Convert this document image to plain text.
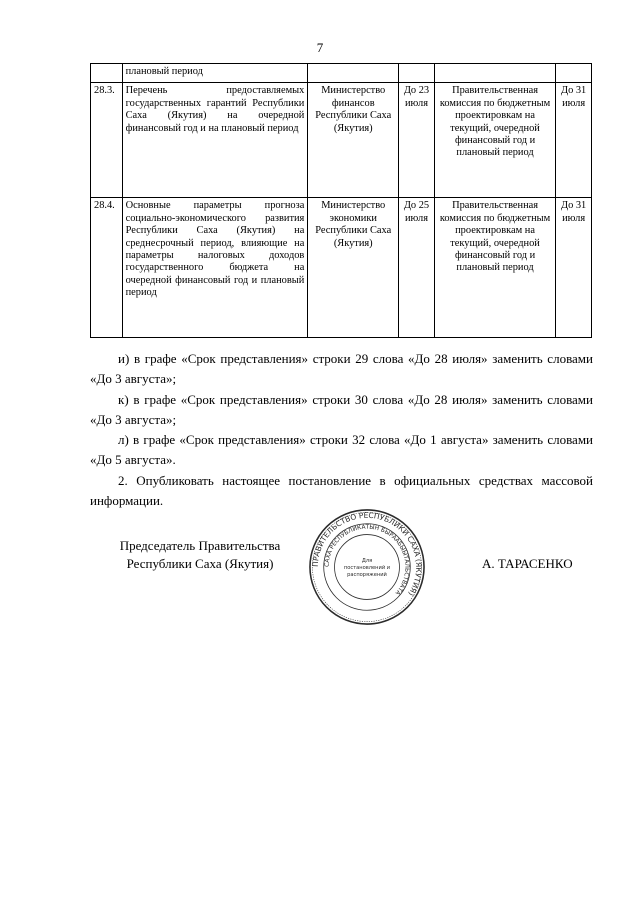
7
	плановый период				
28.3.	Перечень предоставляемых государственных гарантий Республики Саха (Якутия) на очередной финансовый год и на плановый период	Министерство финансов Республики Саха (Якутия)	До 23 июля	Правительственная комиссия по бюджетным проектировкам на текущий, очередной финансовый год и плановый период	До 31 июля
28.4.	Основные параметры прогноза социально-экономического развития Республики Саха (Якутия) на среднесрочный период, влияющие на параметры налоговых доходов государственного бюджета на очередной финансовый год и плановый период	Министерство экономики Республики Саха (Якутия)	До 25 июля	Правительственная комиссия по бюджетным проектировкам на текущий, очередной финансовый год и плановый период	До 31 июля

и) в графе «Срок представления» строки 29 слова «До 28 июля» заменить словами «До 3 августа»;

к) в графе «Срок представления» строки 30 слова «До 28 июля» заменить словами «До 3 августа»;

л) в графе «Срок представления» строки 32 слова «До 1 августа» заменить словами «До 5 августа».

2. Опубликовать настоящее постановление в официальных средствах массовой информации.

Председатель Правительства
Республики Саха (Якутия)	ПРАВИТЕЛЬСТВО РЕСПУБЛИКИ САХА (ЯКУТИЯ)
САХА РЕСПУБЛИКАТЫН БЫРААБЫЫТАЛЬСТВАТА
Для
постановлений и
распоряжений
А. ТАРАСЕНКО
